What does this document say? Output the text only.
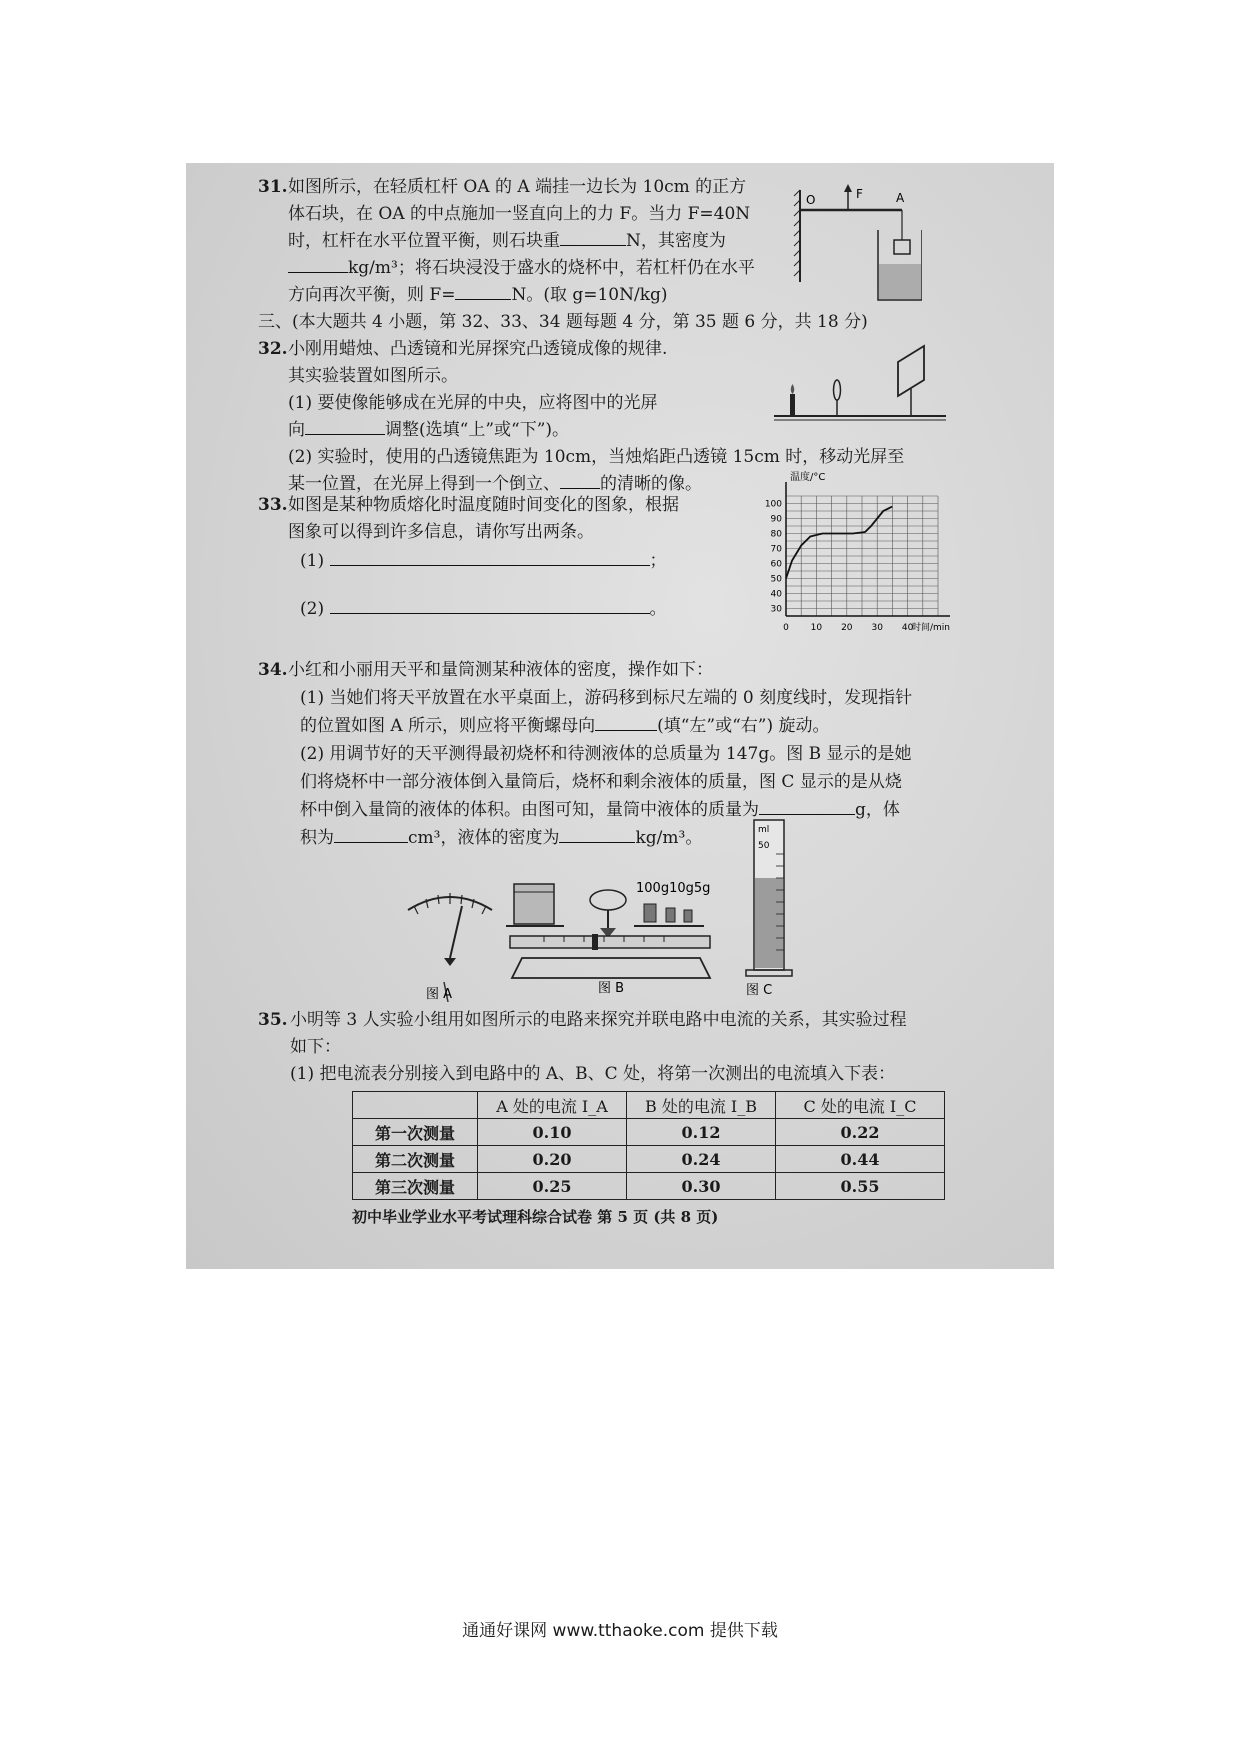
31. 如图所示，在轻质杠杆 OA 的 A 端挂一边长为 10cm 的正方
体石块，在 OA 的中点施加一竖直向上的力 F。当力 F=40N
时，杠杆在水平位置平衡，则石块重	N，其密度为
kg/m³；将石块浸没于盛水的烧杯中，若杠杆仍在水平
方向再次平衡，则 F=	N。(取 g=10N/kg)
O	F	A
三、(本大题共 4 小题，第 32、33、34 题每题 4 分，第 35 题 6 分，共 18 分)
32. 小刚用蜡烛、凸透镜和光屏探究凸透镜成像的规律.
其实验装置如图所示。
(1) 要使像能够成在光屏的中央，应将图中的光屏
向	调整(选填“上”或“下”)。
(2) 实验时，使用的凸透镜焦距为 10cm，当烛焰距凸透镜 15cm 时，移动光屏至
某一位置，在光屏上得到一个倒立、 的清晰的像。
33. 如图是某种物质熔化时温度随时间变化的图象，根据
图象可以得到许多信息，请你写出两条。
(1)	；
(2)	。
0 10 20 30 40
30
40
50
60
70
80
90
100
温度/°C
时间/min
34. 小红和小丽用天平和量筒测某种液体的密度，操作如下：
(1) 当她们将天平放置在水平桌面上，游码移到标尺左端的 0 刻度线时，发现指针
的位置如图 A 所示，则应将平衡螺母向	(填“左”或“右”) 旋动。
(2) 用调节好的天平测得最初烧杯和待测液体的总质量为 147g。图 B 显示的是她
们将烧杯中一部分液体倒入量筒后，烧杯和剩余液体的质量，图 C 显示的是从烧
杯中倒入量筒的液体的体积。由图可知，量筒中液体的质量为	g，体
积为	cm³，液体的密度为	kg/m³。
图 A
100g10g5g
图 B
ml
50
图 C
35. 小明等 3 人实验小组用如图所示的电路来探究并联电路中电流的关系，其实验过程
如下：
(1) 把电流表分别接入到电路中的 A、B、C 处，将第一次测出的电流填入下表：
	A 处的电流 I_A	B 处的电流 I_B	C 处的电流 I_C
第一次测量	0.10	0.12	0.22
第二次测量	0.20	0.24	0.44
第三次测量	0.25	0.30	0.55
初中毕业学业水平考试理科综合试卷 第 5 页 (共 8 页)
通通好课网 www.tthaoke.com 提供下载
